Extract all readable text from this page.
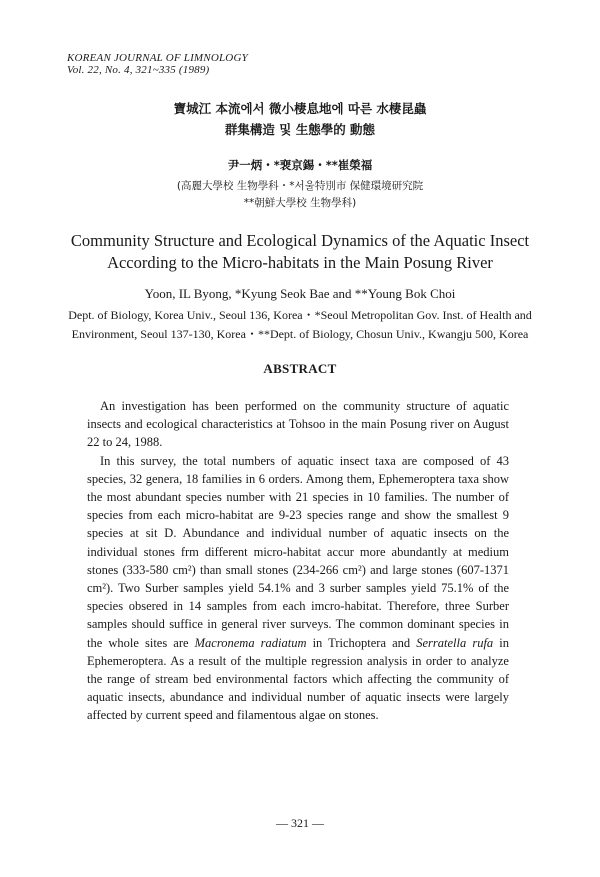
KOREAN JOURNAL OF LIMNOLOGY
Vol. 22, No. 4, 321~335 (1989)
寶城江 本流에서 微小棲息地에 따른 水棲昆蟲
群集構造 및 生態學的 動態
尹一炳・*裵京錫・**崔榮福
(高麗大學校 生物學科・*서울特別市 保健環境研究院
**朝鮮大學校 生物學科)
Community Structure and Ecological Dynamics of the Aquatic Insect
According to the Micro-habitats in the Main Posung River
Yoon, IL Byong, *Kyung Seok Bae and **Young Bok Choi
Dept. of Biology, Korea Univ., Seoul 136, Korea・*Seoul Metropolitan Gov. Inst. of Health and
Environment, Seoul 137-130, Korea・**Dept. of Biology, Chosun Univ., Kwangju 500, Korea
ABSTRACT

An investigation has been performed on the community structure of aquatic insects and ecological characteristics at Tohsoo in the main Posung river on August 22 to 24, 1988.

In this survey, the total numbers of aquatic insect taxa are composed of 43 species, 32 genera, 18 families in 6 orders. Among them, Ephemeroptera taxa show the most abundant species number with 21 species in 10 families. The number of species from each micro-habitat are 9-23 species range and show the smallest 9 species at sit D. Abundance and individual number of aquatic insects on the individual stones frm different micro-habitat accur more abundantly at medium stones (333-580 cm²) than small stones (234-266 cm²) and large stones (607-1371 cm²). Two Surber samples yield 54.1% and 3 surber samples yield 75.1% of the species obsered in 14 samples from each imcro-habitat. Therefore, three Surber samples should suffice in general river surveys. The common dominant species in the whole sites are Macronema radiatum in Trichoptera and Serratella rufa in Ephemeroptera. As a result of the multiple regression analysis in order to analyze the range of stream bed environmental factors which affecting the community of aquatic insects, abundance and individual number of aquatic insects were largely affected by current speed and filamentous algae on stones.

— 321 —
